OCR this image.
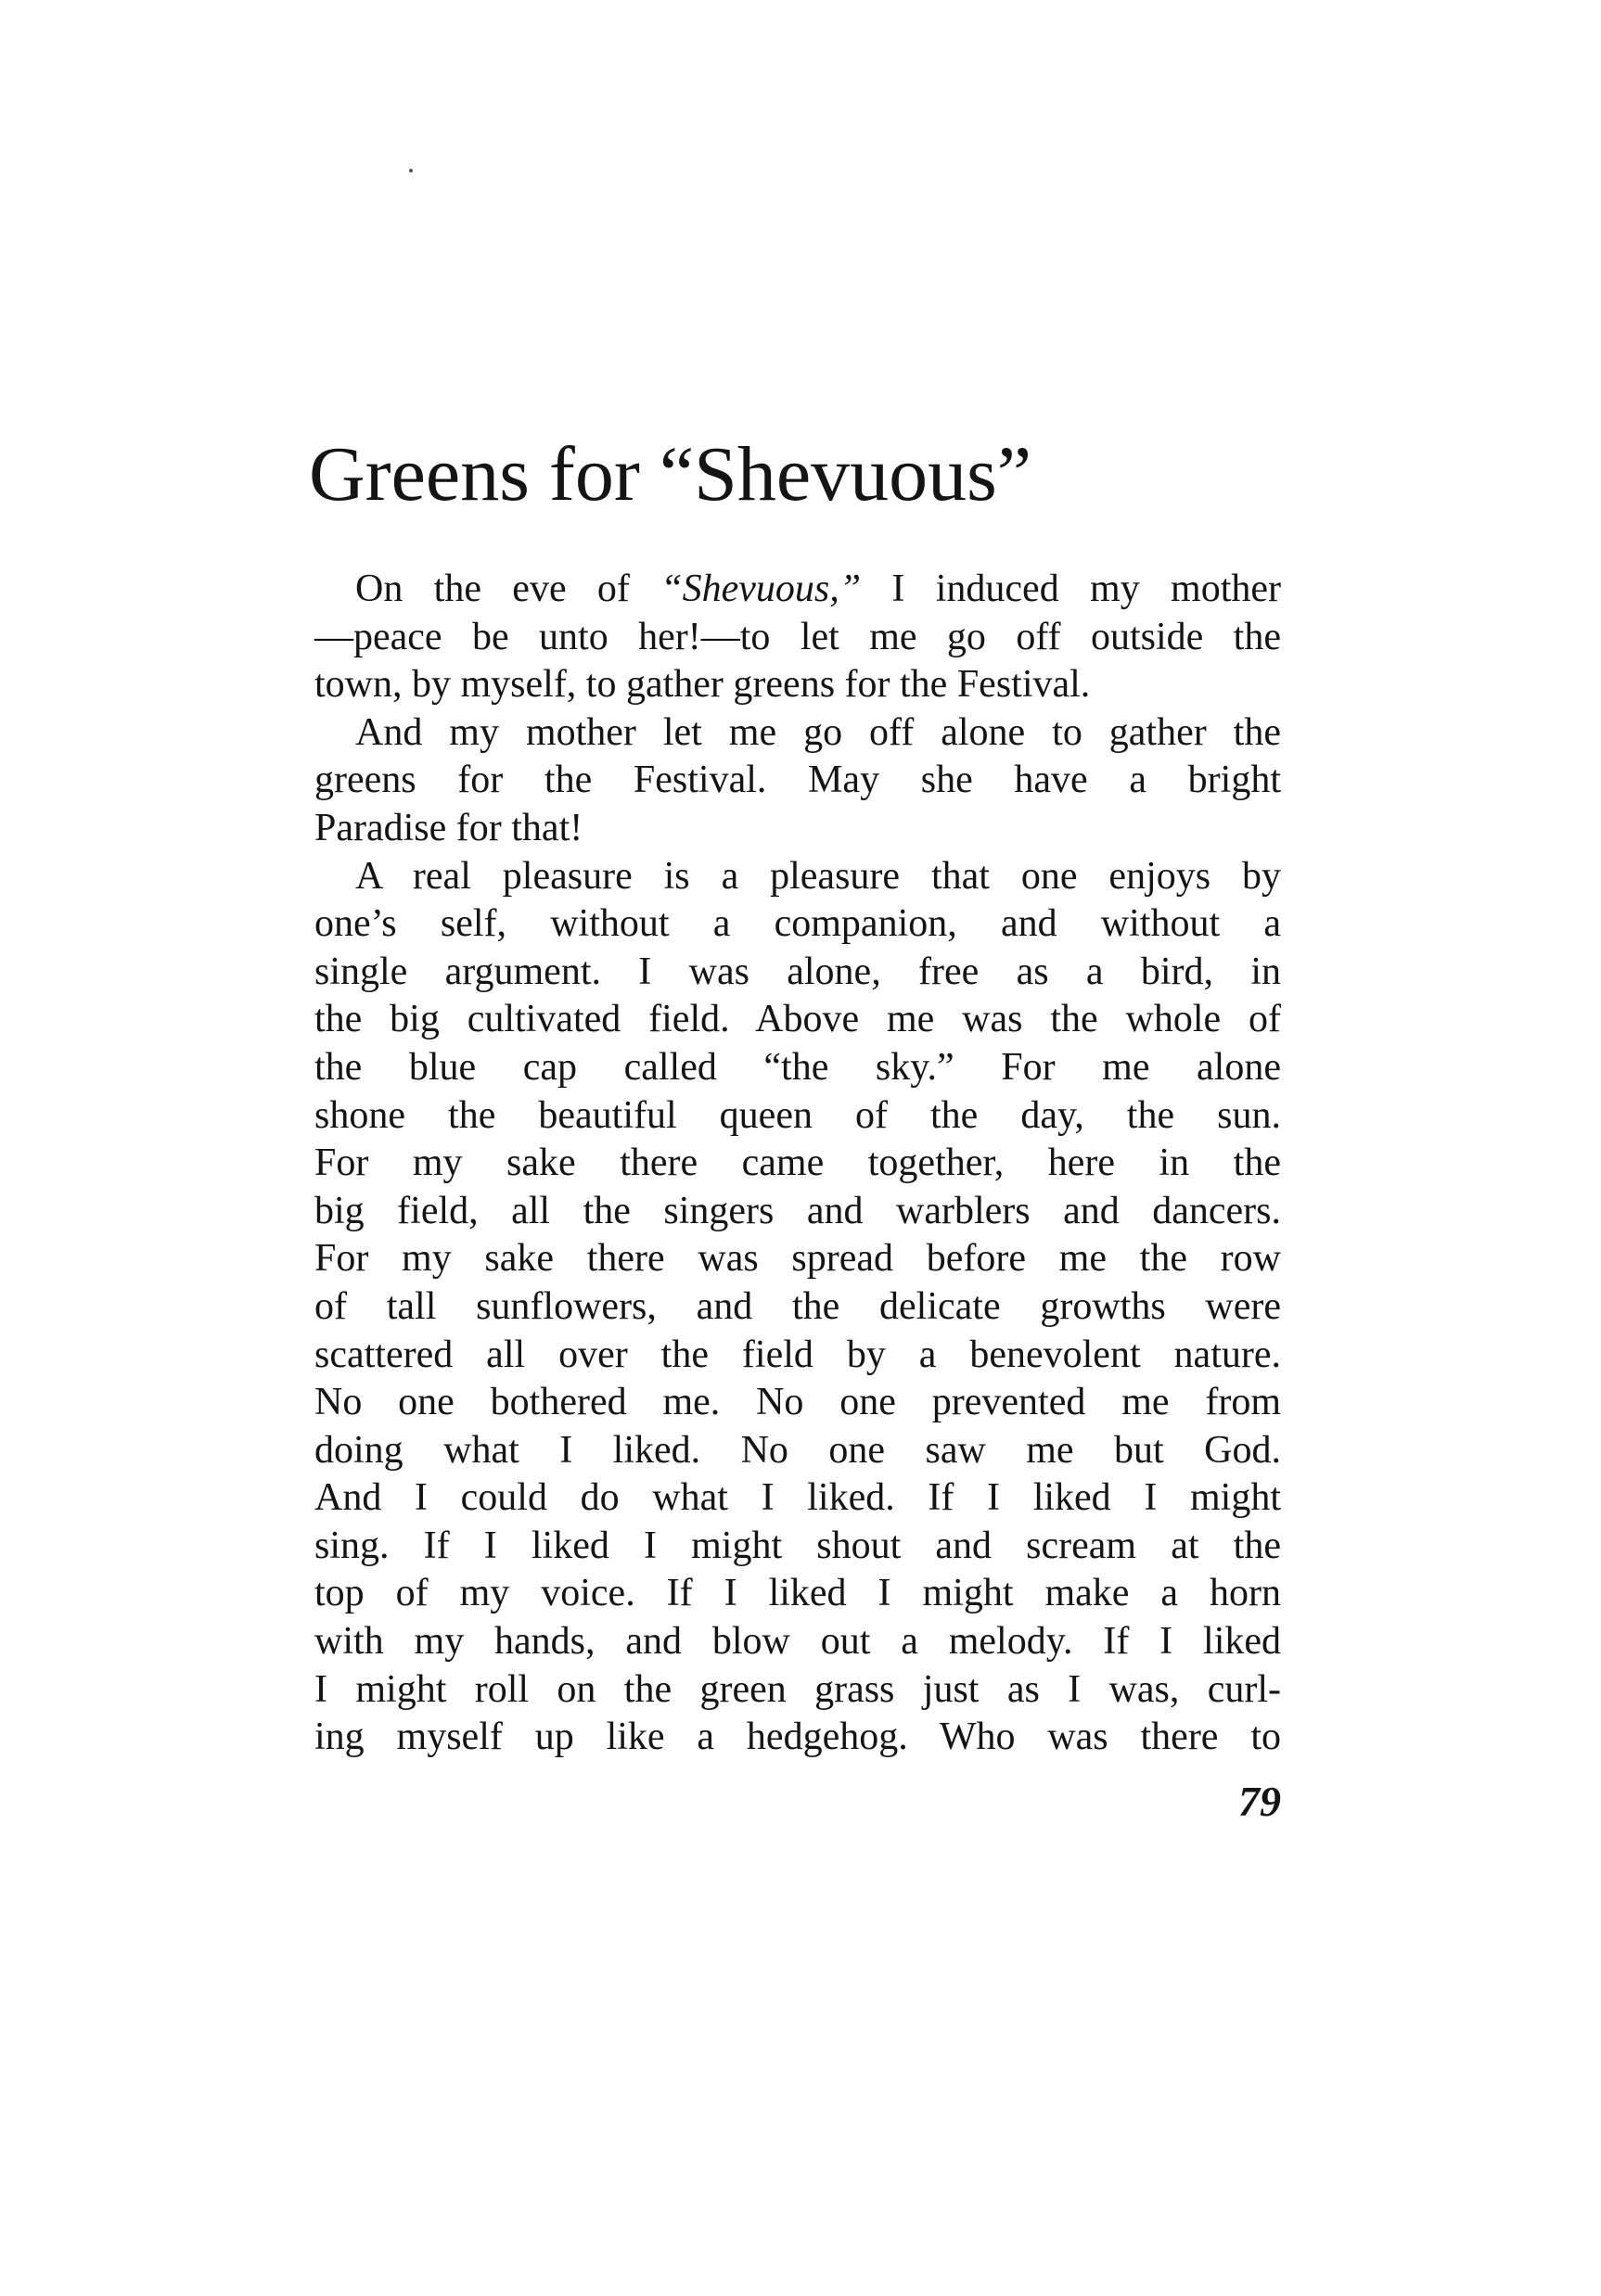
Greens for “Shevuous”
On the eve of “Shevuous,” I induced my mother
—peace be unto her!—to let me go off outside the
town, by myself, to gather greens for the Festival.
And my mother let me go off alone to gather the
greens for the Festival. May she have a bright
Paradise for that!
A real pleasure is a pleasure that one enjoys by
one’s self, without a companion, and without a
single argument. I was alone, free as a bird, in
the big cultivated field. Above me was the whole of
the blue cap called “the sky.” For me alone
shone the beautiful queen of the day, the sun.
For my sake there came together, here in the
big field, all the singers and warblers and dancers.
For my sake there was spread before me the row
of tall sunflowers, and the delicate growths were
scattered all over the field by a benevolent nature.
No one bothered me. No one prevented me from
doing what I liked. No one saw me but God.
And I could do what I liked. If I liked I might
sing. If I liked I might shout and scream at the
top of my voice. If I liked I might make a horn
with my hands, and blow out a melody. If I liked
I might roll on the green grass just as I was, curl-
ing myself up like a hedgehog. Who was there to
79
